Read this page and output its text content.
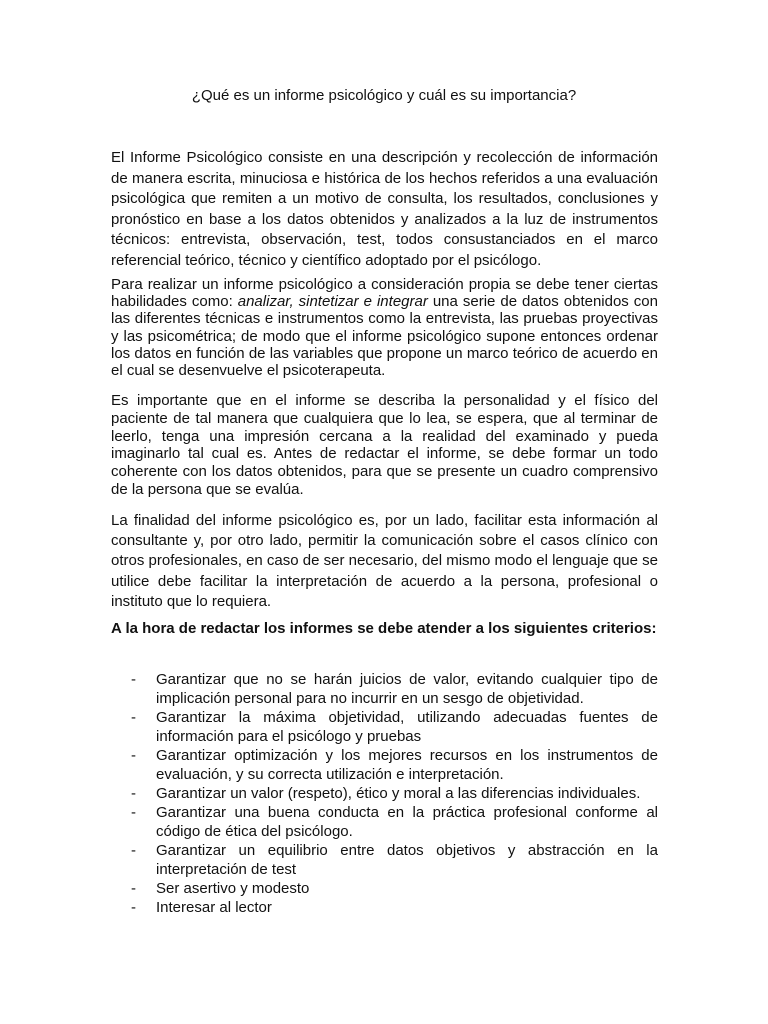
¿Qué es un informe psicológico y cuál es su importancia?

El Informe Psicológico consiste en una descripción y recolección de información de manera escrita, minuciosa e histórica de los hechos referidos a una evaluación psicológica que remiten a un motivo de consulta, los resultados, conclusiones y pronóstico en base a los datos obtenidos y analizados a la luz de instrumentos técnicos: entrevista, observación, test, todos consustanciados en el marco referencial teórico, técnico y científico adoptado por el psicólogo.

Para realizar un informe psicológico a consideración propia se debe tener ciertas habilidades como: analizar, sintetizar e integrar una serie de datos obtenidos con las diferentes técnicas e instrumentos como la entrevista, las pruebas proyectivas y las psicométrica; de modo que el informe psicológico supone entonces ordenar los datos en función de las variables que propone un marco teórico de acuerdo en el cual se desenvuelve el psicoterapeuta.

Es importante que en el informe se describa la personalidad y el físico del paciente de tal manera que cualquiera que lo lea, se espera, que al terminar de leerlo, tenga una impresión cercana a la realidad del examinado y pueda imaginarlo tal cual es. Antes de redactar el informe, se debe formar un todo coherente con los datos obtenidos, para que se presente un cuadro comprensivo de la persona que se evalúa.

La finalidad del informe psicológico es, por un lado, facilitar esta información al consultante y, por otro lado, permitir la comunicación sobre el casos clínico con otros profesionales, en caso de ser necesario, del mismo modo el lenguaje que se utilice debe facilitar la interpretación de acuerdo a la persona, profesional o instituto que lo requiera.

A la hora de redactar los informes se debe atender a los siguientes criterios:
- Garantizar que no se harán juicios de valor, evitando cualquier tipo de implicación personal para no incurrir en un sesgo de objetividad.
- Garantizar la máxima objetividad, utilizando adecuadas fuentes de información para el psicólogo y pruebas
- Garantizar optimización y los mejores recursos en los instrumentos de evaluación, y su correcta utilización e interpretación.
- Garantizar un valor (respeto), ético y moral a las diferencias individuales.
- Garantizar una buena conducta en la práctica profesional conforme al código de ética del psicólogo.
- Garantizar un equilibrio entre datos objetivos y abstracción en la interpretación de test
- Ser asertivo y modesto
- Interesar al lector
